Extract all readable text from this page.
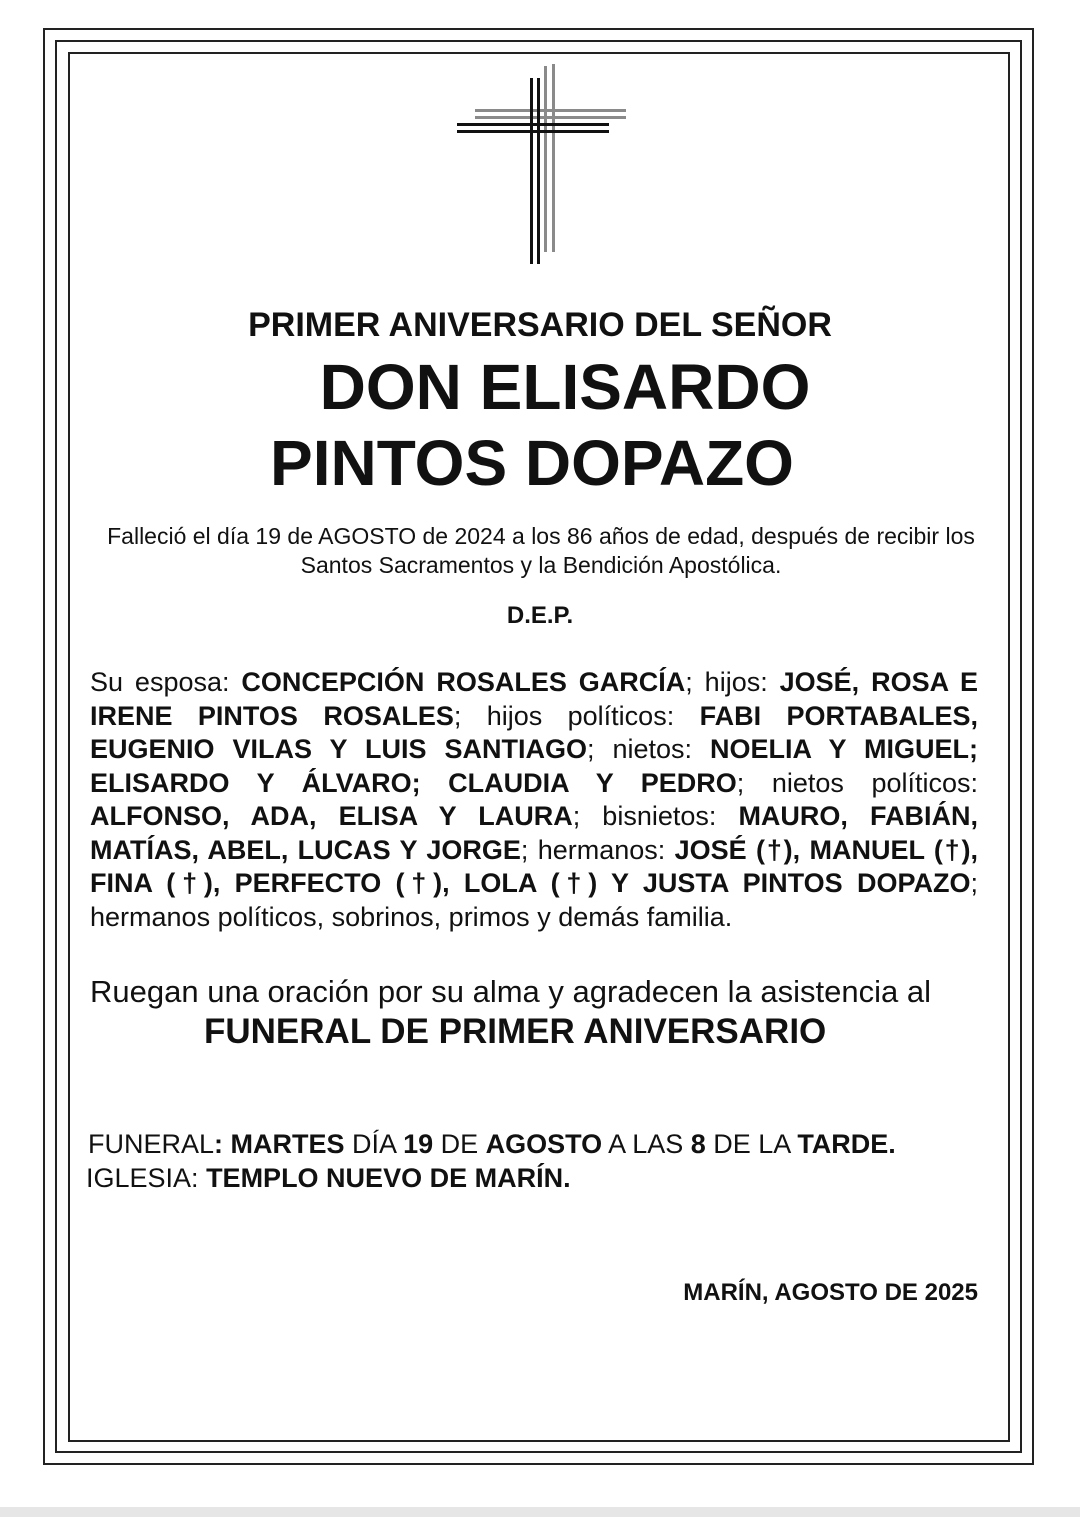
PRIMER ANIVERSARIO DEL SEÑOR
DON ELISARDO
PINTOS DOPAZO
Falleció el día 19 de AGOSTO de 2024 a los 86 años de edad, después de recibir los Santos Sacramentos y la Bendición Apostólica.
D.E.P.
Su esposa: CONCEPCIÓN ROSALES GARCÍA; hijos: JOSÉ, ROSA E IRENE PINTOS ROSALES; hijos políticos: FABI PORTABALES, EUGENIO VILAS Y LUIS SANTIAGO; nietos: NOELIA Y MIGUEL; ELISARDO Y ÁLVARO; CLAUDIA Y PEDRO; nietos políticos: ALFONSO, ADA, ELISA Y LAURA; bisnietos: MAURO, FABIÁN, MATÍAS, ABEL, LUCAS Y JORGE; hermanos: JOSÉ (†), MANUEL (†), FINA (†), PERFECTO (†), LOLA (†) Y JUSTA PINTOS DOPAZO; hermanos políticos, sobrinos, primos y demás familia.
Ruegan una oración por su alma y agradecen la asistencia al
FUNERAL DE PRIMER ANIVERSARIO
FUNERAL: MARTES DÍA 19 DE AGOSTO A LAS 8 DE LA TARDE.
IGLESIA: TEMPLO NUEVO DE MARÍN.
MARÍN, AGOSTO DE 2025
